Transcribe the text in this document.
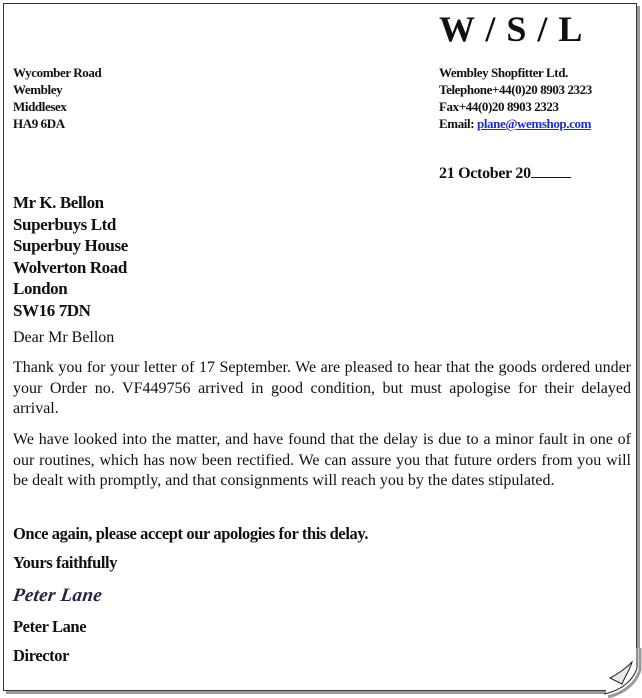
W / S / L
Wycomber Road
Wembley
Middlesex
HA9 6DA
Wembley Shopfitter Ltd.
Telephone+44(0)20 8903 2323
Fax+44(0)20 8903 2323
Email: plane@wemshop.com
21 October 20
Mr K. Bellon
Superbuys Ltd
Superbuy House
Wolverton Road
London
SW16 7DN
Dear Mr Bellon
Thank you for your letter of 17 September. We are pleased to hear that the goods ordered under your Order no. VF449756 arrived in good condition, but must apologise for their delayed arrival.
We have looked into the matter, and have found that the delay is due to a minor fault in one of our routines, which has now been rectified. We can assure you that future orders from you will be dealt with promptly, and that consignments will reach you by the dates stipulated.
Once again, please accept our apologies for this delay.
Yours faithfully
Peter Lane
Peter Lane
Director
